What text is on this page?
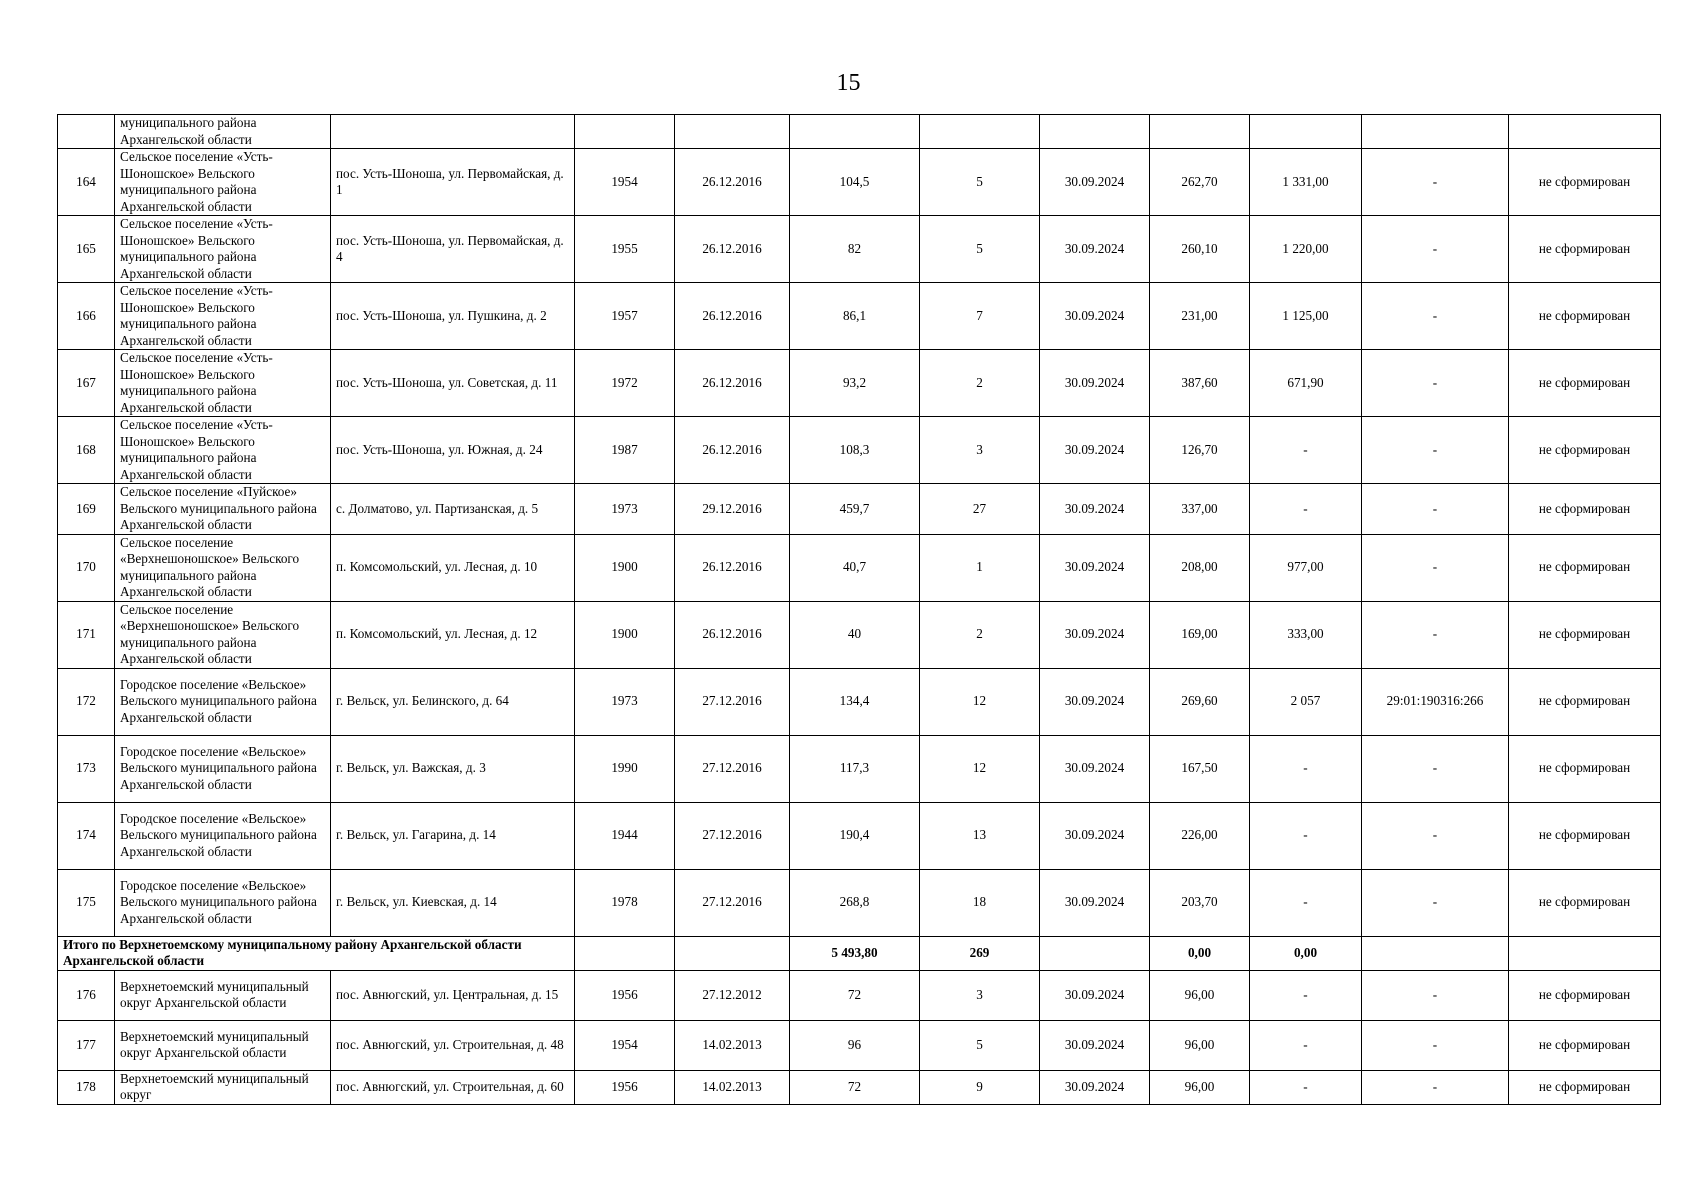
15
	муниципального района Архангельской области										
164	Сельское поселение «Усть-Шоношское» Вельского муниципального района Архангельской области	пос. Усть-Шоноша, ул. Первомайская, д. 1	1954	26.12.2016	104,5	5	30.09.2024	262,70	1 331,00	-	не сформирован
165	Сельское поселение «Усть-Шоношское» Вельского муниципального района Архангельской области	пос. Усть-Шоноша, ул. Первомайская, д. 4	1955	26.12.2016	82	5	30.09.2024	260,10	1 220,00	-	не сформирован
166	Сельское поселение «Усть-Шоношское» Вельского муниципального района Архангельской области	пос. Усть-Шоноша, ул. Пушкина, д. 2	1957	26.12.2016	86,1	7	30.09.2024	231,00	1 125,00	-	не сформирован
167	Сельское поселение «Усть-Шоношское» Вельского муниципального района Архангельской области	пос. Усть-Шоноша, ул. Советская, д. 11	1972	26.12.2016	93,2	2	30.09.2024	387,60	671,90	-	не сформирован
168	Сельское поселение «Усть-Шоношское» Вельского муниципального района Архангельской области	пос. Усть-Шоноша, ул. Южная, д. 24	1987	26.12.2016	108,3	3	30.09.2024	126,70	-	-	не сформирован
169	Сельское поселение «Пуйское» Вельского муниципального района Архангельской области	с. Долматово, ул. Партизанская, д. 5	1973	29.12.2016	459,7	27	30.09.2024	337,00	-	-	не сформирован
170	Сельское поселение «Верхнешоношское» Вельского муниципального района Архангельской области	п. Комсомольский, ул. Лесная, д. 10	1900	26.12.2016	40,7	1	30.09.2024	208,00	977,00	-	не сформирован
171	Сельское поселение «Верхнешоношское» Вельского муниципального района Архангельской области	п. Комсомольский, ул. Лесная, д. 12	1900	26.12.2016	40	2	30.09.2024	169,00	333,00	-	не сформирован
172	Городское поселение «Вельское» Вельского муниципального района Архангельской области	г. Вельск, ул. Белинского, д. 64	1973	27.12.2016	134,4	12	30.09.2024	269,60	2 057	29:01:190316:266	не сформирован
173	Городское поселение «Вельское» Вельского муниципального района Архангельской области	г. Вельск, ул. Важская, д. 3	1990	27.12.2016	117,3	12	30.09.2024	167,50	-	-	не сформирован
174	Городское поселение «Вельское» Вельского муниципального района Архангельской области	г. Вельск, ул. Гагарина, д. 14	1944	27.12.2016	190,4	13	30.09.2024	226,00	-	-	не сформирован
175	Городское поселение «Вельское» Вельского муниципального района Архангельской области	г. Вельск, ул. Киевская, д. 14	1978	27.12.2016	268,8	18	30.09.2024	203,70	-	-	не сформирован
Итого по Верхнетоемскому муниципальному району Архангельской области Архангельской области					5 493,80	269		0,00	0,00		
176	Верхнетоемский муниципальный округ Архангельской области	пос. Авнюгский, ул. Центральная, д. 15	1956	27.12.2012	72	3	30.09.2024	96,00	-	-	не сформирован
177	Верхнетоемский муниципальный округ Архангельской области	пос. Авнюгский, ул. Строительная, д. 48	1954	14.02.2013	96	5	30.09.2024	96,00	-	-	не сформирован
178	Верхнетоемский муниципальный округ	пос. Авнюгский, ул. Строительная, д. 60	1956	14.02.2013	72	9	30.09.2024	96,00	-	-	не сформирован
